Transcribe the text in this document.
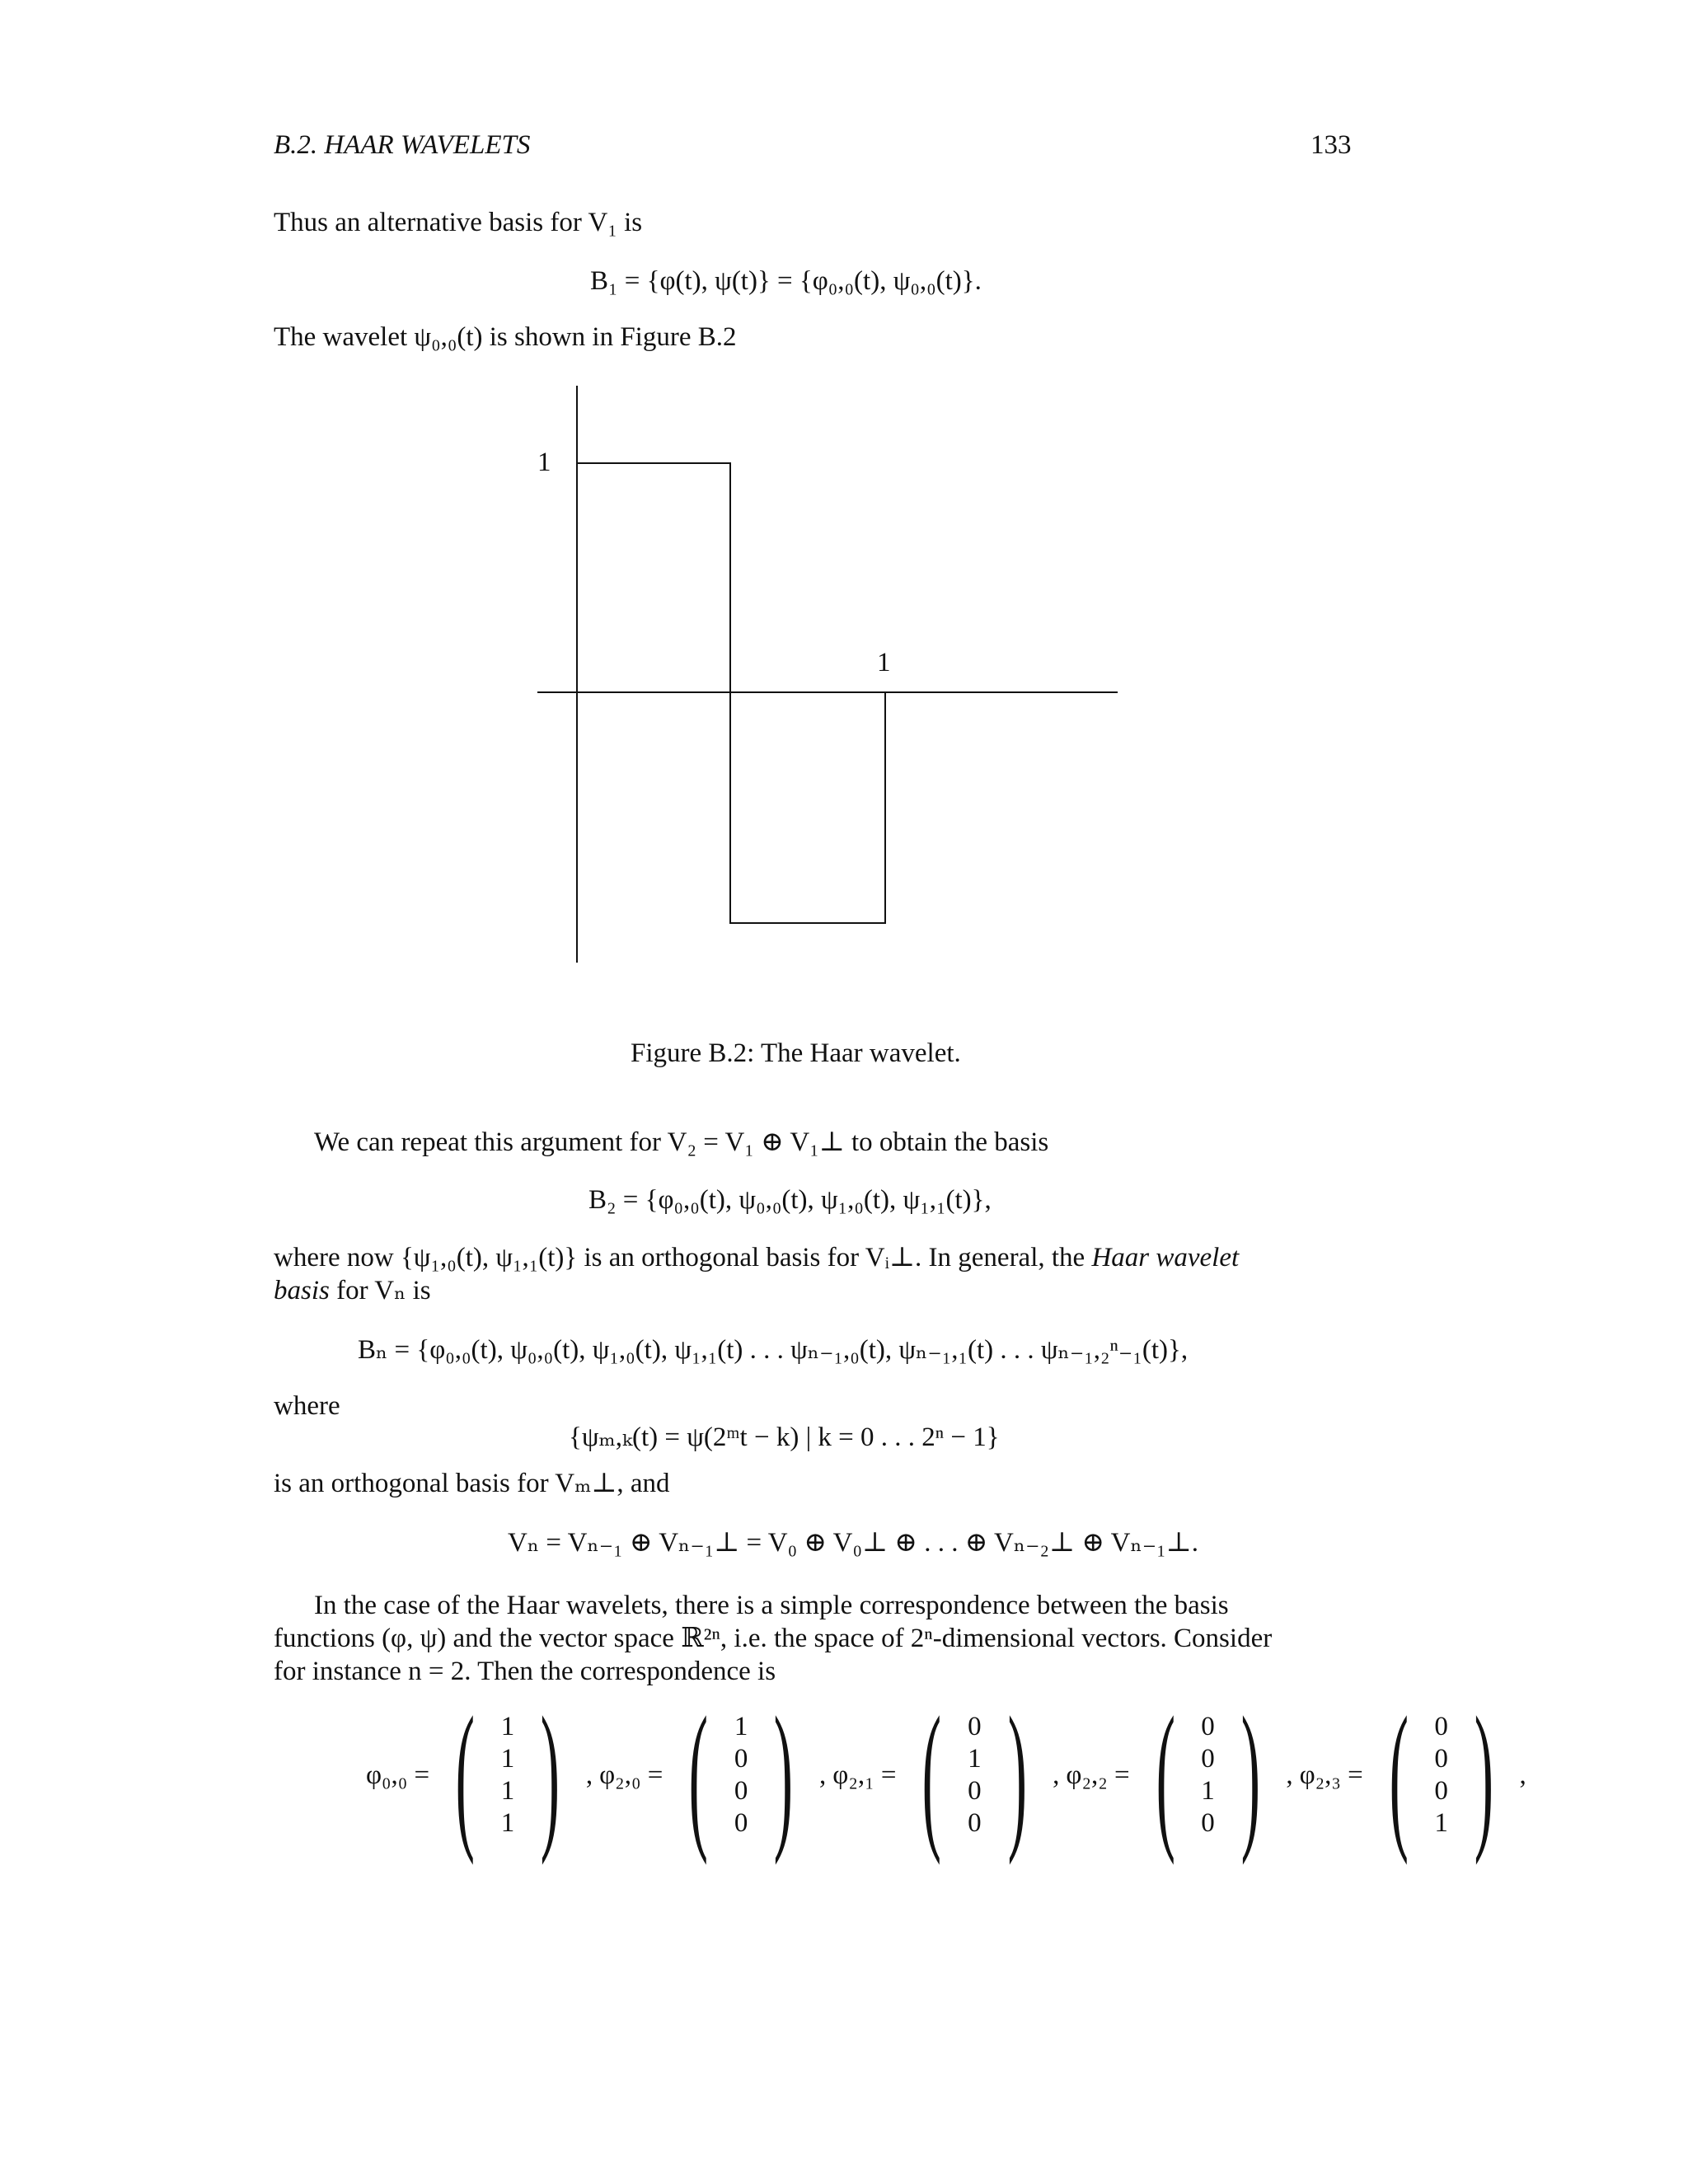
B.2. HAAR WAVELETS	133
Thus an alternative basis for V₁ is
B₁ = {φ(t), ψ(t)} = {φ₀,₀(t), ψ₀,₀(t)}.
The wavelet ψ₀,₀(t) is shown in Figure B.2
1
1
Figure B.2: The Haar wavelet.
We can repeat this argument for V₂ = V₁ ⊕ V₁⊥ to obtain the basis
B₂ = {φ₀,₀(t), ψ₀,₀(t), ψ₁,₀(t), ψ₁,₁(t)},
where now {ψ₁,₀(t), ψ₁,₁(t)} is an orthogonal basis for Vᵢ⊥. In general, the Haar wavelet
basis for Vₙ is
Bₙ = {φ₀,₀(t), ψ₀,₀(t), ψ₁,₀(t), ψ₁,₁(t) . . . ψₙ₋₁,₀(t), ψₙ₋₁,₁(t) . . . ψₙ₋₁,₂ⁿ₋₁(t)},
where
{ψₘ,ₖ(t) = ψ(2ᵐt − k) | k = 0 . . . 2ⁿ − 1}
is an orthogonal basis for Vₘ⊥, and
Vₙ = Vₙ₋₁ ⊕ Vₙ₋₁⊥ = V₀ ⊕ V₀⊥ ⊕ . . . ⊕ Vₙ₋₂⊥ ⊕ Vₙ₋₁⊥.
In the case of the Haar wavelets, there is a simple correspondence between the basis
functions (φ, ψ) and the vector space ℝ²ⁿ, i.e. the space of 2ⁿ-dimensional vectors. Consider
for instance n = 2. Then the correspondence is
φ₀,₀ = ( 1
1
1
1 ) , φ₂,₀ = ( 1
0
0
0 ) , φ₂,₁ = ( 0
1
0
0 ) , φ₂,₂ = ( 0
0
1
0 ) , φ₂,₃ = ( 0
0
0
1 ) ,
